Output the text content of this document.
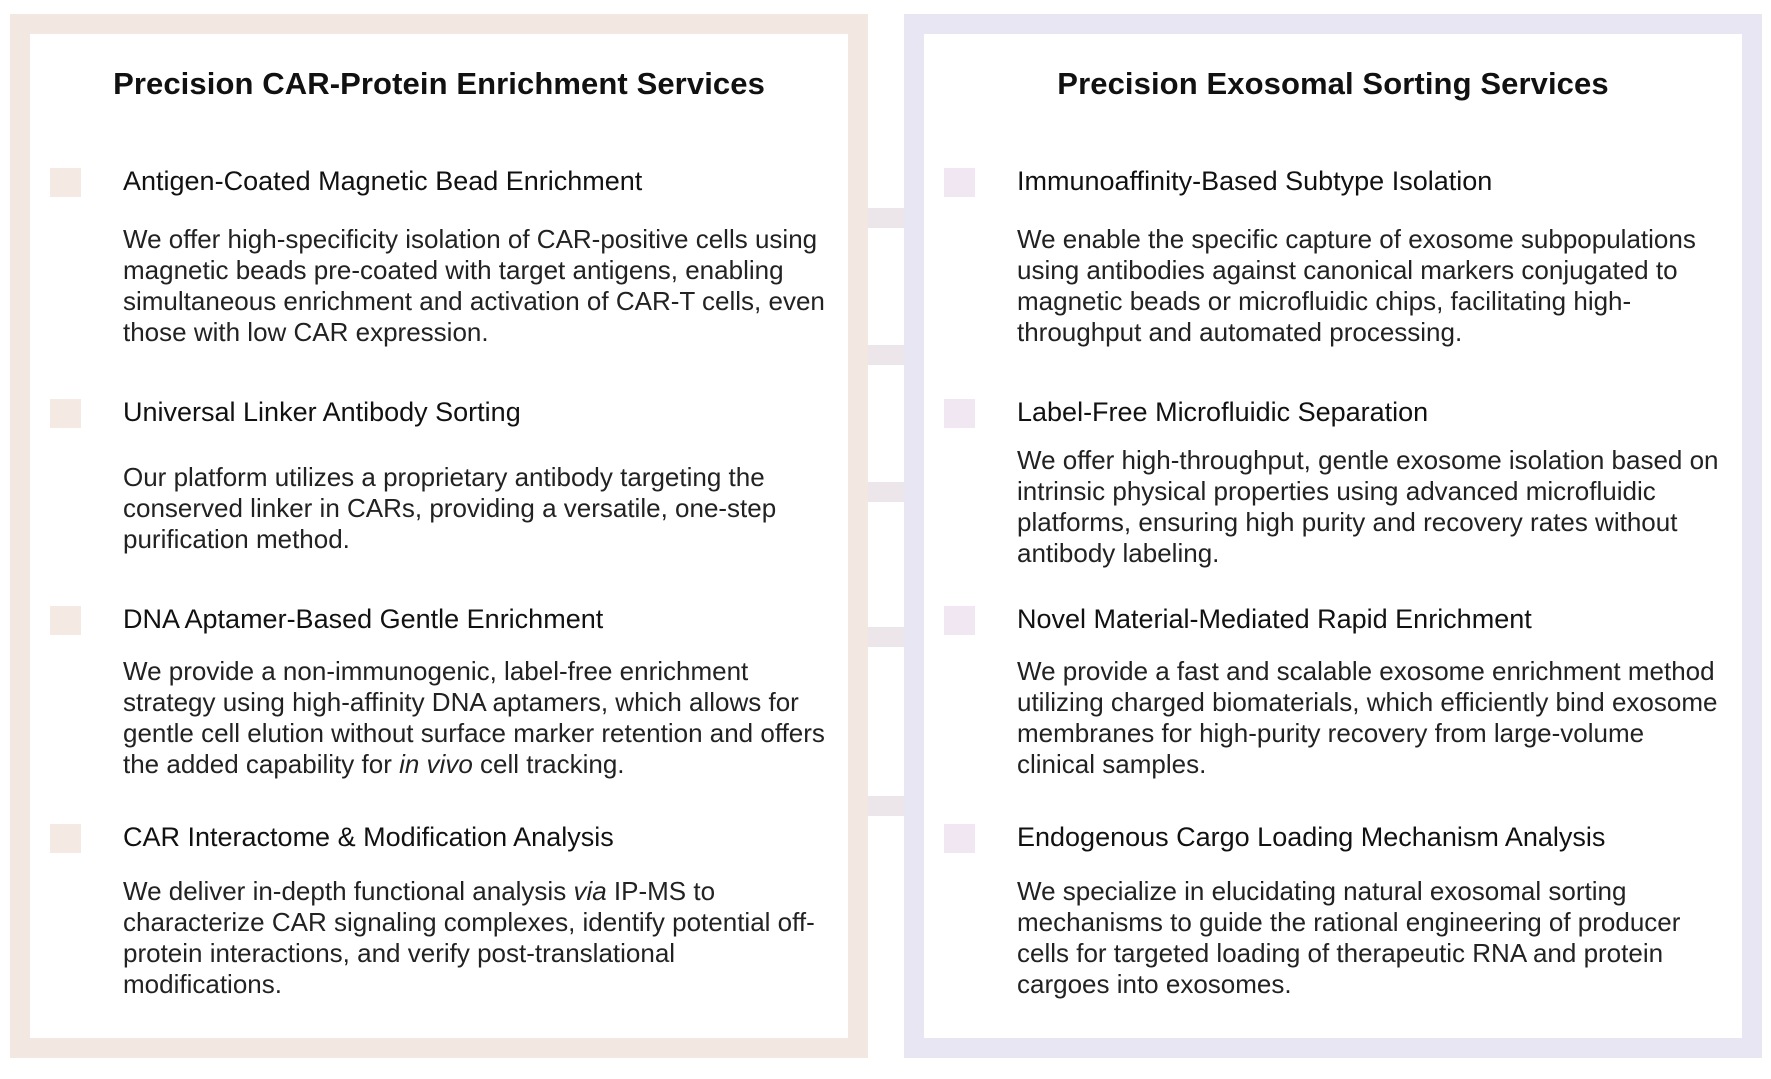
Precision CAR-Protein Enrichment Services
Antigen-Coated Magnetic Bead Enrichment
We offer high-specificity isolation of CAR-positive cells using magnetic beads pre-coated with target antigens, enabling simultaneous enrichment and activation of CAR-T cells, even those with low CAR expression.
Universal Linker Antibody Sorting
Our platform utilizes a proprietary antibody targeting the conserved linker in CARs, providing a versatile, one-step purification method.
DNA Aptamer-Based Gentle Enrichment
We provide a non-immunogenic, label-free enrichment strategy using high-affinity DNA aptamers, which allows for gentle cell elution without surface marker retention and offers the added capability for in vivo cell tracking.
CAR Interactome & Modification Analysis
We deliver in-depth functional analysis via IP-MS to characterize CAR signaling complexes, identify potential off-protein interactions, and verify post-translational modifications.
Precision Exosomal Sorting Services
Immunoaffinity-Based Subtype Isolation
We enable the specific capture of exosome subpopulations using antibodies against canonical markers conjugated to magnetic beads or microfluidic chips, facilitating high-throughput and automated processing.
Label-Free Microfluidic Separation
We offer high-throughput, gentle exosome isolation based on intrinsic physical properties using advanced microfluidic platforms, ensuring high purity and recovery rates without antibody labeling.
Novel Material-Mediated Rapid Enrichment
We provide a fast and scalable exosome enrichment method utilizing charged biomaterials, which efficiently bind exosome membranes for high-purity recovery from large-volume clinical samples.
Endogenous Cargo Loading Mechanism Analysis
We specialize in elucidating natural exosomal sorting mechanisms to guide the rational engineering of producer cells for targeted loading of therapeutic RNA and protein cargoes into exosomes.
